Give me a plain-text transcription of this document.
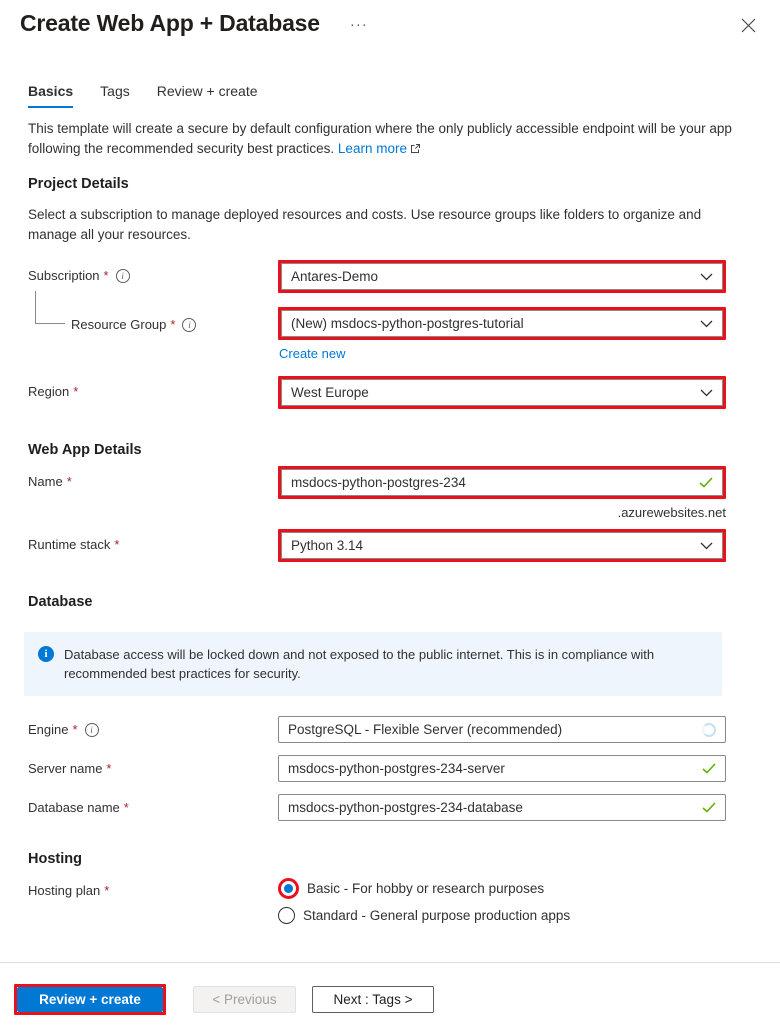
Create Web App + Database ···
Basics Tags Review + create
This template will create a secure by default configuration where the only publicly accessible endpoint will be your app following the recommended security best practices. Learn more
Project Details
Select a subscription to manage deployed resources and costs. Use resource groups like folders to organize and manage all your resources.
Subscription *	i	Antares-Demo
Resource Group *	i	(New) msdocs-python-postgres-tutorial
Create new
Region *	West Europe
Web App Details
Name *	msdocs-python-postgres-234
.azurewebsites.net
Runtime stack *	Python 3.14
Database
i	Database access will be locked down and not exposed to the public internet. This is in compliance with recommended best practices for security.
Engine *	i	PostgreSQL - Flexible Server (recommended)
Server name *	msdocs-python-postgres-234-server
Database name *	msdocs-python-postgres-234-database
Hosting
Hosting plan *	Basic - For hobby or research purposes
Standard - General purpose production apps
Review + create	< Previous	Next : Tags >
